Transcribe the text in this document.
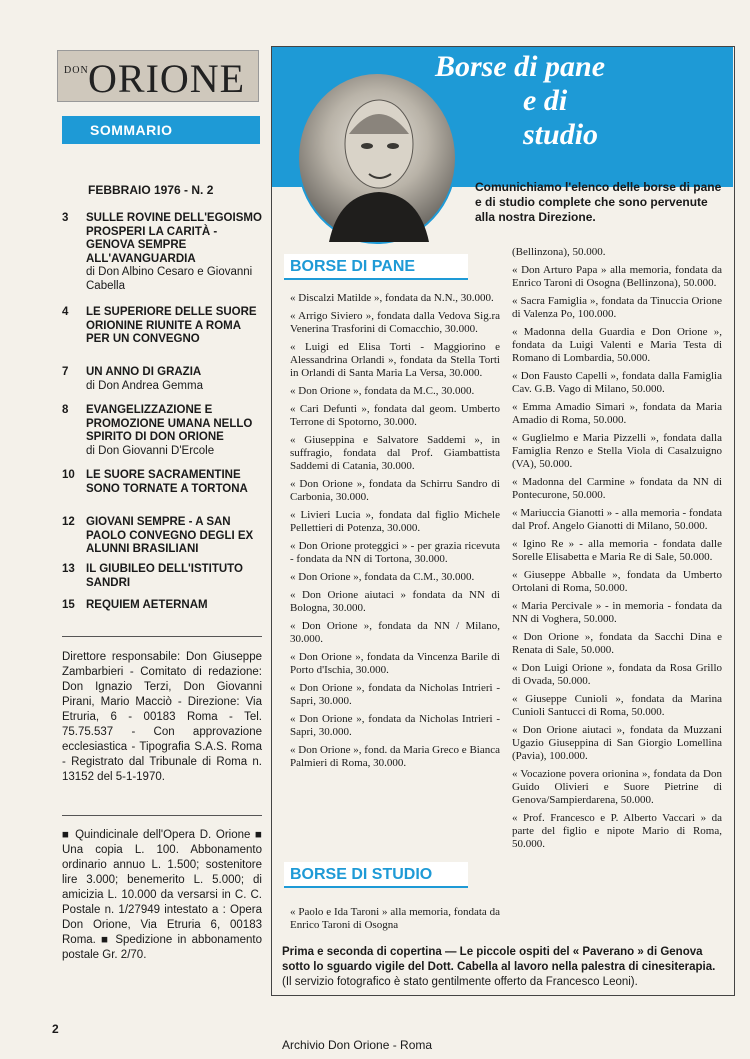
DON ORIONE
SOMMARIO
FEBBRAIO 1976 - N. 2
3	SULLE ROVINE DELL'EGOISMO PROSPERI LA CARITÀ - GENOVA SEMPRE ALL'AVANGUARDIA
di Don Albino Cesaro e Giovanni Cabella
4	LE SUPERIORE DELLE SUORE ORIONINE RIUNITE A ROMA PER UN CONVEGNO
7	UN ANNO DI GRAZIA
di Don Andrea Gemma
8	EVANGELIZZAZIONE E PROMOZIONE UMANA NELLO SPIRITO DI DON ORIONE
di Don Giovanni D'Ercole
10 LE SUORE SACRAMENTINE SONO TORNATE A TORTONA
12 GIOVANI SEMPRE - A SAN PAOLO CONVEGNO DEGLI EX ALUNNI BRASILIANI
13 IL GIUBILEO DELL'ISTITUTO SANDRI
15 REQUIEM AETERNAM
Direttore responsabile: Don Giuseppe Zambarbieri - Comitato di redazione: Don Ignazio Terzi, Don Giovanni Pirani, Mario Macciò - Direzione: Via Etruria, 6 - 00183 Roma - Tel. 75.75.537 - Con approvazione ecclesiastica - Tipografia S.A.S. Roma - Registrato dal Tribunale di Roma n. 13152 del 5-1-1970.
■ Quindicinale dell'Opera D. Orione ■ Una copia L. 100. Abbonamento ordinario annuo L. 1.500; sostenitore lire 3.000; benemerito L. 5.000; di amicizia L. 10.000 da versarsi in C. C. Postale n. 1/27949 intestato a : Opera Don Orione, Via Etruria 6, 00183 Roma. ■ Spedizione in abbonamento postale Gr. 2/70.
2
Borse di pane
e di
studio
Comunichiamo l'elenco delle borse di pane e di studio complete che sono pervenute alla nostra Direzione.
BORSE DI PANE

« Discalzi Matilde », fondata da N.N., 30.000.

« Arrigo Siviero », fondata dalla Vedova Sig.ra Venerina Trasforini di Comacchio, 30.000.

« Luigi ed Elisa Torti - Maggiorino e Alessandrina Orlandi », fondata da Stella Torti in Orlandi di Santa Maria La Versa, 30.000.

« Don Orione », fondata da M.C., 30.000.

« Cari Defunti », fondata dal geom. Umberto Terrone di Spotorno, 30.000.

« Giuseppina e Salvatore Saddemi », in suffragio, fondata dal Prof. Giambattista Saddemi di Catania, 30.000.

« Don Orione », fondata da Schirru Sandro di Carbonia, 30.000.

« Livieri Lucia », fondata dal figlio Michele Pellettieri di Potenza, 30.000.

« Don Orione proteggici » - per grazia ricevuta - fondata da NN di Tortona, 30.000.

« Don Orione », fondata da C.M., 30.000.

« Don Orione aiutaci » fondata da NN di Bologna, 30.000.

« Don Orione », fondata da NN / Milano, 30.000.

« Don Orione », fondata da Vincenza Barile di Porto d'Ischia, 30.000.

« Don Orione », fondata da Nicholas Intrieri - Sapri, 30.000.

« Don Orione », fondata da Nicholas Intrieri - Sapri, 30.000.

« Don Orione », fond. da Maria Greco e Bianca Palmieri di Roma, 30.000.

BORSE DI STUDIO

« Paolo e Ida Taroni » alla memoria, fondata da Enrico Taroni di Osogna

(Bellinzona), 50.000.

« Don Arturo Papa » alla memoria, fondata da Enrico Taroni di Osogna (Bellinzona), 50.000.

« Sacra Famiglia », fondata da Tinuccia Orione di Valenza Po, 100.000.

« Madonna della Guardia e Don Orione », fondata da Luigi Valenti e Maria Testa di Romano di Lombardia, 50.000.

« Don Fausto Capelli », fondata dalla Famiglia Cav. G.B. Vago di Milano, 50.000.

« Emma Amadio Simari », fondata da Maria Amadio di Roma, 50.000.

« Guglielmo e Maria Pizzelli », fondata dalla Famiglia Renzo e Stella Viola di Casalzuigno (VA), 50.000.

« Madonna del Carmine » fondata da NN di Pontecurone, 50.000.

« Mariuccia Gianotti » - alla memoria - fondata dal Prof. Angelo Gianotti di Milano, 50.000.

« Igino Re » - alla memoria - fondata dalle Sorelle Elisabetta e Maria Re di Sale, 50.000.

« Giuseppe Abballe », fondata da Umberto Ortolani di Roma, 50.000.

« Maria Percivale » - in memoria - fondata da NN di Voghera, 50.000.

« Don Orione », fondata da Sacchi Dina e Renata di Sale, 50.000.

« Don Luigi Orione », fondata da Rosa Grillo di Ovada, 50.000.

« Giuseppe Cunioli », fondata da Marina Cunioli Santucci di Roma, 50.000.

« Don Orione aiutaci », fondata da Muzzani Ugazio Giuseppina di San Giorgio Lomellina (Pavia), 100.000.

« Vocazione povera orionina », fondata da Don Guido Olivieri e Suore Pietrine di Genova/Sampierdarena, 50.000.

« Prof. Francesco e P. Alberto Vaccari » da parte del figlio e nipote Mario di Roma, 50.000.

Prima e seconda di copertina — Le piccole ospiti del « Paverano » di Genova sotto lo sguardo vigile del Dott. Cabella al lavoro nella palestra di cinesiterapia. (Il servizio fotografico è stato gentilmente offerto da Francesco Leoni).
Archivio Don Orione - Roma
